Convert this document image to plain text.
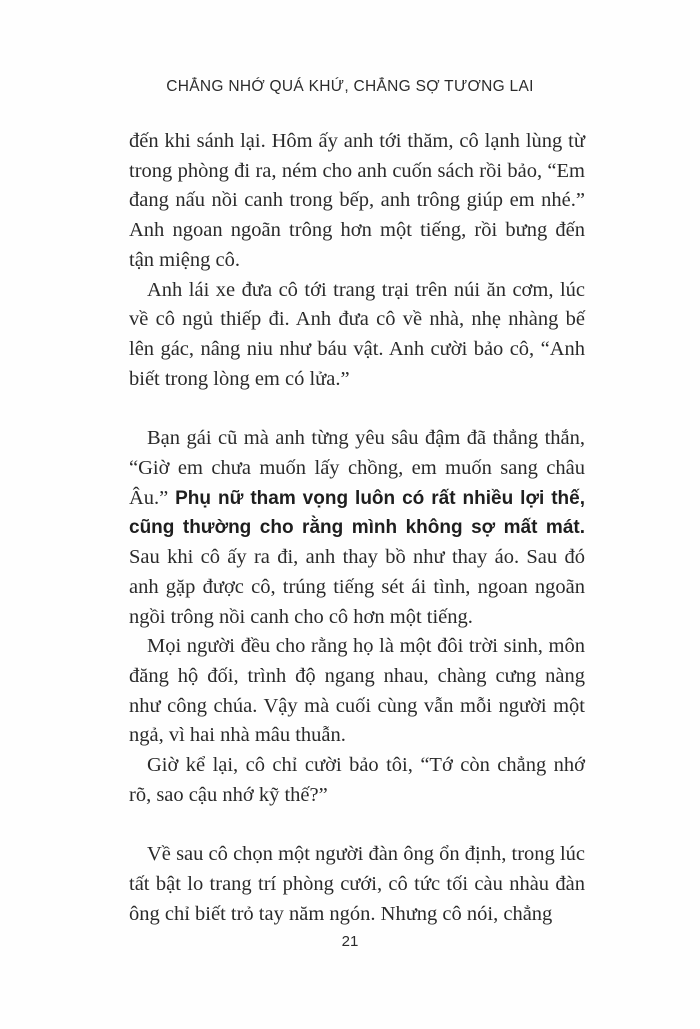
CHẲNG NHỚ QUÁ KHỨ, CHẲNG SỢ TƯƠNG LAI

đến khi sánh lại. Hôm ấy anh tới thăm, cô lạnh lùng từ trong phòng đi ra, ném cho anh cuốn sách rồi bảo, “Em đang nấu nồi canh trong bếp, anh trông giúp em nhé.” Anh ngoan ngoãn trông hơn một tiếng, rồi bưng đến tận miệng cô.

Anh lái xe đưa cô tới trang trại trên núi ăn cơm, lúc về cô ngủ thiếp đi. Anh đưa cô về nhà, nhẹ nhàng bế lên gác, nâng niu như báu vật. Anh cười bảo cô, “Anh biết trong lòng em có lửa.”

Bạn gái cũ mà anh từng yêu sâu đậm đã thẳng thắn, “Giờ em chưa muốn lấy chồng, em muốn sang châu Âu.” Phụ nữ tham vọng luôn có rất nhiều lợi thế, cũng thường cho rằng mình không sợ mất mát. Sau khi cô ấy ra đi, anh thay bồ như thay áo. Sau đó anh gặp được cô, trúng tiếng sét ái tình, ngoan ngoãn ngồi trông nồi canh cho cô hơn một tiếng.

Mọi người đều cho rằng họ là một đôi trời sinh, môn đăng hộ đối, trình độ ngang nhau, chàng cưng nàng như công chúa. Vậy mà cuối cùng vẫn mỗi người một ngả, vì hai nhà mâu thuẫn.

Giờ kể lại, cô chỉ cười bảo tôi, “Tớ còn chẳng nhớ rõ, sao cậu nhớ kỹ thế?”

Về sau cô chọn một người đàn ông ổn định, trong lúc tất bật lo trang trí phòng cưới, cô tức tối càu nhàu đàn ông chỉ biết trỏ tay năm ngón. Nhưng cô nói, chẳng

21
